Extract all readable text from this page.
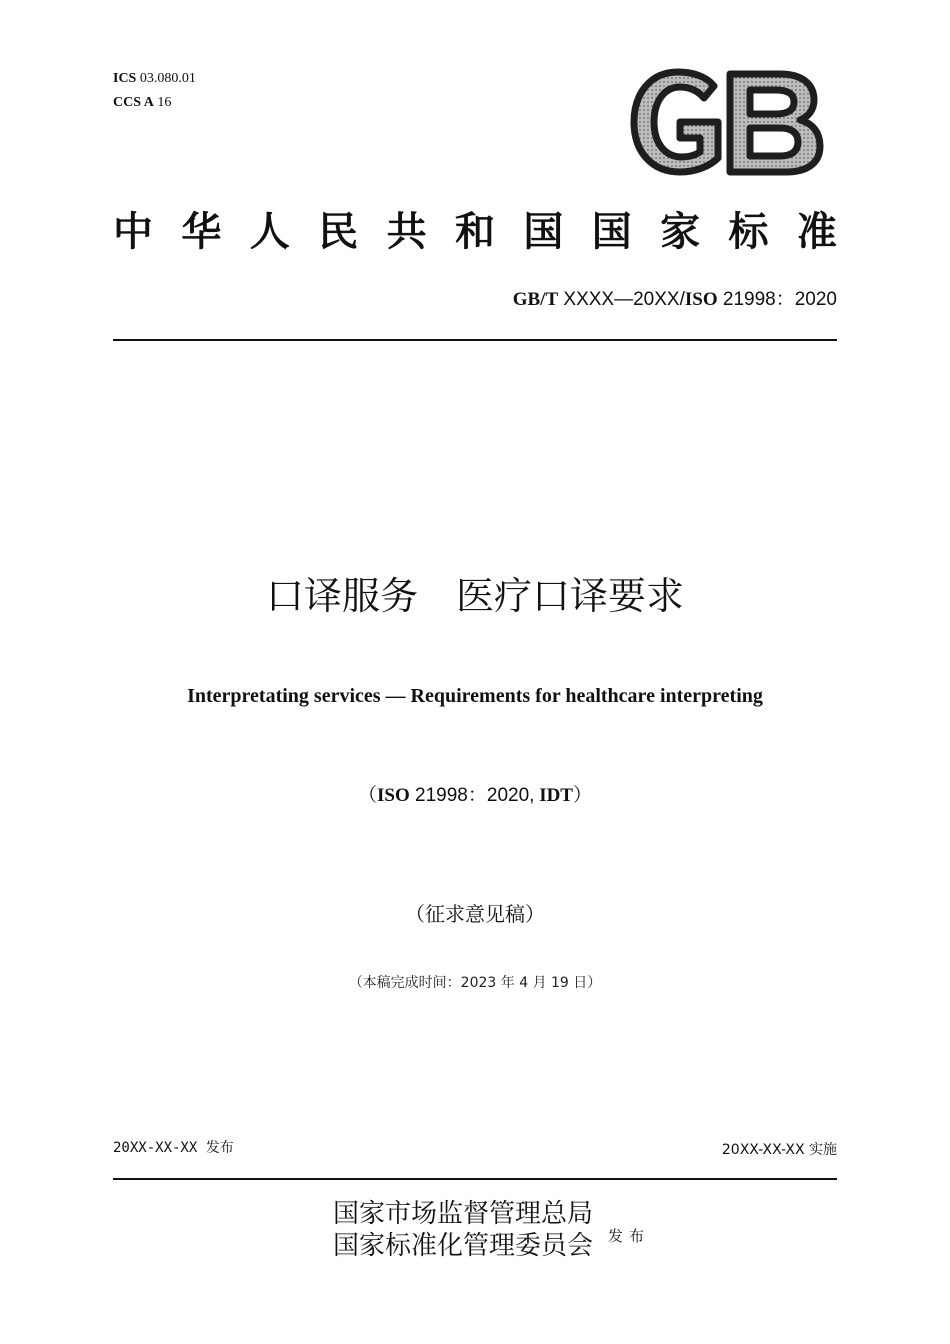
ICS 03.080.01
CCS A 16
中 华 人 民 共 和 国 国 家 标 准
GB/T XXXX—20XX/ISO 21998：2020
口译服务　医疗口译要求
Interpretating services — Requirements for healthcare interpreting
（ISO 21998：2020, IDT）
（征求意见稿）
（本稿完成时间：2023 年 4 月 19 日）
20XX-XX-XX 发布	20XX-XX-XX 实施
国家市场监督管理总局
国家标准化管理委员会 发布
